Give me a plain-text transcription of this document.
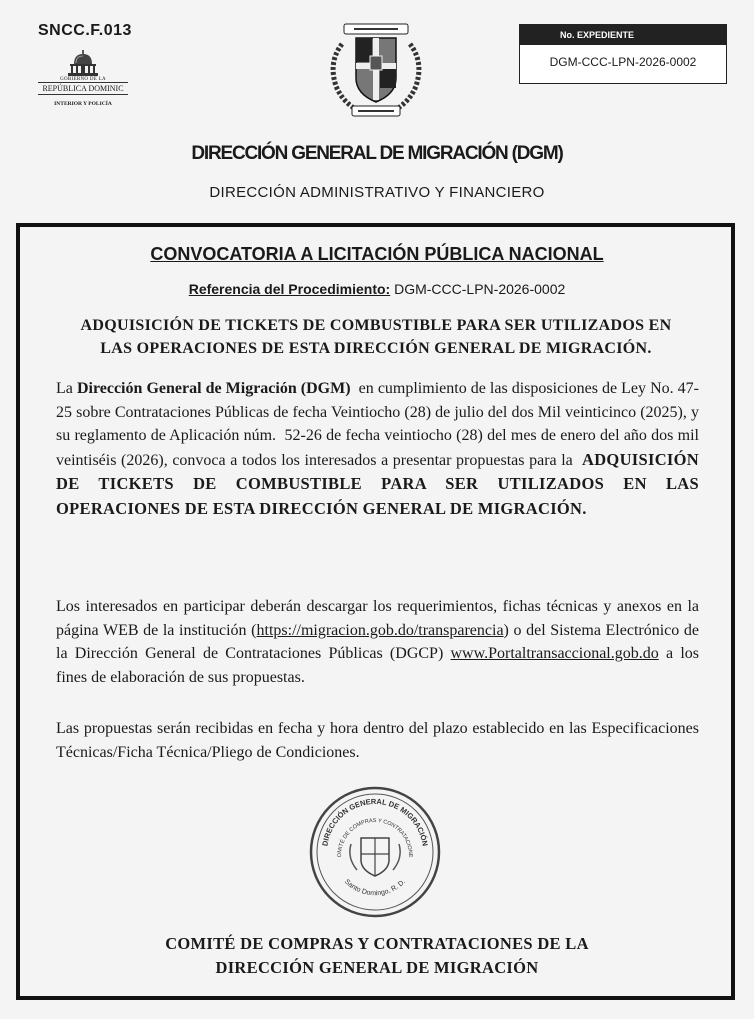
SNCC.F.013
GOBIERNO DE LA
REPÚBLICA DOMINIC
INTERIOR Y POLICÍA
No. EXPEDIENTE
DGM-CCC-LPN-2026-0002
DIRECCIÓN GENERAL DE MIGRACIÓN (DGM)
DIRECCIÓN ADMINISTRATIVO Y FINANCIERO
CONVOCATORIA A LICITACIÓN PÚBLICA NACIONAL
Referencia del Procedimiento: DGM-CCC-LPN-2026-0002
ADQUISICIÓN DE TICKETS DE COMBUSTIBLE PARA SER UTILIZADOS EN
LAS OPERACIONES DE ESTA DIRECCIÓN GENERAL DE MIGRACIÓN.
La Dirección General de Migración (DGM)  en cumplimiento de las disposiciones de Ley No. 47-25 sobre Contrataciones Públicas de fecha Veintiocho (28) de julio del dos Mil veinticinco (2025), y su reglamento de Aplicación núm.  52-26 de fecha veintiocho (28) del mes de enero del año dos mil veintiséis (2026), convoca a todos los interesados a presentar propuestas para la  ADQUISICIÓN DE TICKETS DE COMBUSTIBLE PARA SER UTILIZADOS EN LAS OPERACIONES DE ESTA DIRECCIÓN GENERAL DE MIGRACIÓN.
Los interesados en participar deberán descargar los requerimientos, fichas técnicas y anexos en la página WEB de la institución (https://migracion.gob.do/transparencia) o del Sistema Electrónico de la Dirección General de Contrataciones Públicas (DGCP) www.Portaltransaccional.gob.do a los fines de elaboración de sus propuestas.
Las propuestas serán recibidas en fecha y hora dentro del plazo establecido en las Especificaciones Técnicas/Ficha Técnica/Pliego de Condiciones.
DIRECCIÓN GENERAL DE MIGRACIÓN
OMITÉ DE COMPRAS Y CONTRATACIONE
Santo Domingo, R. D.
COMITÉ DE COMPRAS Y CONTRATACIONES DE LA
DIRECCIÓN GENERAL DE MIGRACIÓN
